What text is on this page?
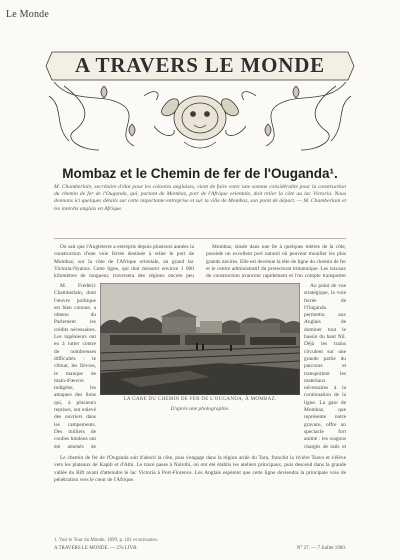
Le Monde
A TRAVERS LE MONDE
Mombaz et le Chemin de fer de l'Ouganda¹.
M. Chamberlain, secrétaire d'état pour les colonies anglaises, vient de faire voter une somme considérable pour la construction du chemin de fer de l'Ouganda, qui, partant de Mombaz, port de l'Afrique orientale, doit relier la côte au lac Victoria. Nous donnons ici quelques détails sur cette importante entreprise et sur la ville de Mombaz, son point de départ. — M. Chamberlain et les intérêts anglais en Afrique.

On sait que l'Angleterre a entrepris depuis plusieurs années la construction d'une voie ferrée destinée à relier le port de Mombaz, sur la côte de l'Afrique orientale, au grand lac Victoria-Nyanza. Cette ligne, qui doit mesurer environ 1 000 kilomètres de longueur, traversera des régions encore peu

Mombaz, située dans une île à quelques mètres de la côte, possède un excellent port naturel où peuvent mouiller les plus grands navires. Elle est devenue la tête de ligne du chemin de fer et le centre administratif du protectorat britannique. Les travaux de construction avancent rapidement et l'on compte transporter

M. Frédéric Chamberlain, dont l'œuvre politique est bien connue, a obtenu du Parlement les crédits nécessaires. Les ingénieurs ont eu à lutter contre de nombreuses difficultés : le climat, les fièvres, le manque de main-d'œuvre indigène, les attaques des lions qui, à plusieurs reprises, ont enlevé des ouvriers dans les campements. Des milliers de coolies hindous ont été amenés de

Au point de vue stratégique, la voie ferrée de l'Ouganda permettra aux Anglais de dominer tout le bassin du haut Nil. Déjà les trains circulent sur une grande partie du parcours et transportent les matériaux nécessaires à la continuation de la ligne. La gare de Mombaz, que représente notre gravure, offre un spectacle fort animé : les wagons chargés de rails et

LA GARE DU CHEMIN DE FER DE L'OUGANDA, À MOMBAZ.
D'après une photographie.

Le chemin de fer de l'Ouganda suit d'abord la côte, puis s'engage dans la région aride du Taru, franchit la rivière Tsavo et s'élève vers les plateaux de Kapiti et d'Athi. Le tracé passe à Nairobi, où ont été établis les ateliers principaux, puis descend dans la grande vallée du Rift avant d'atteindre le lac Victoria à Port-Florence. Les Anglais espèrent que cette ligne deviendra la principale voie de pénétration vers le cœur de l'Afrique.

1. Voir le Tour du Monde, 1899, p. 181 et suivantes.
A TRAVERS LE MONDE. — 27e LIVR.	N° 27. — 7 Juillet 1900.
